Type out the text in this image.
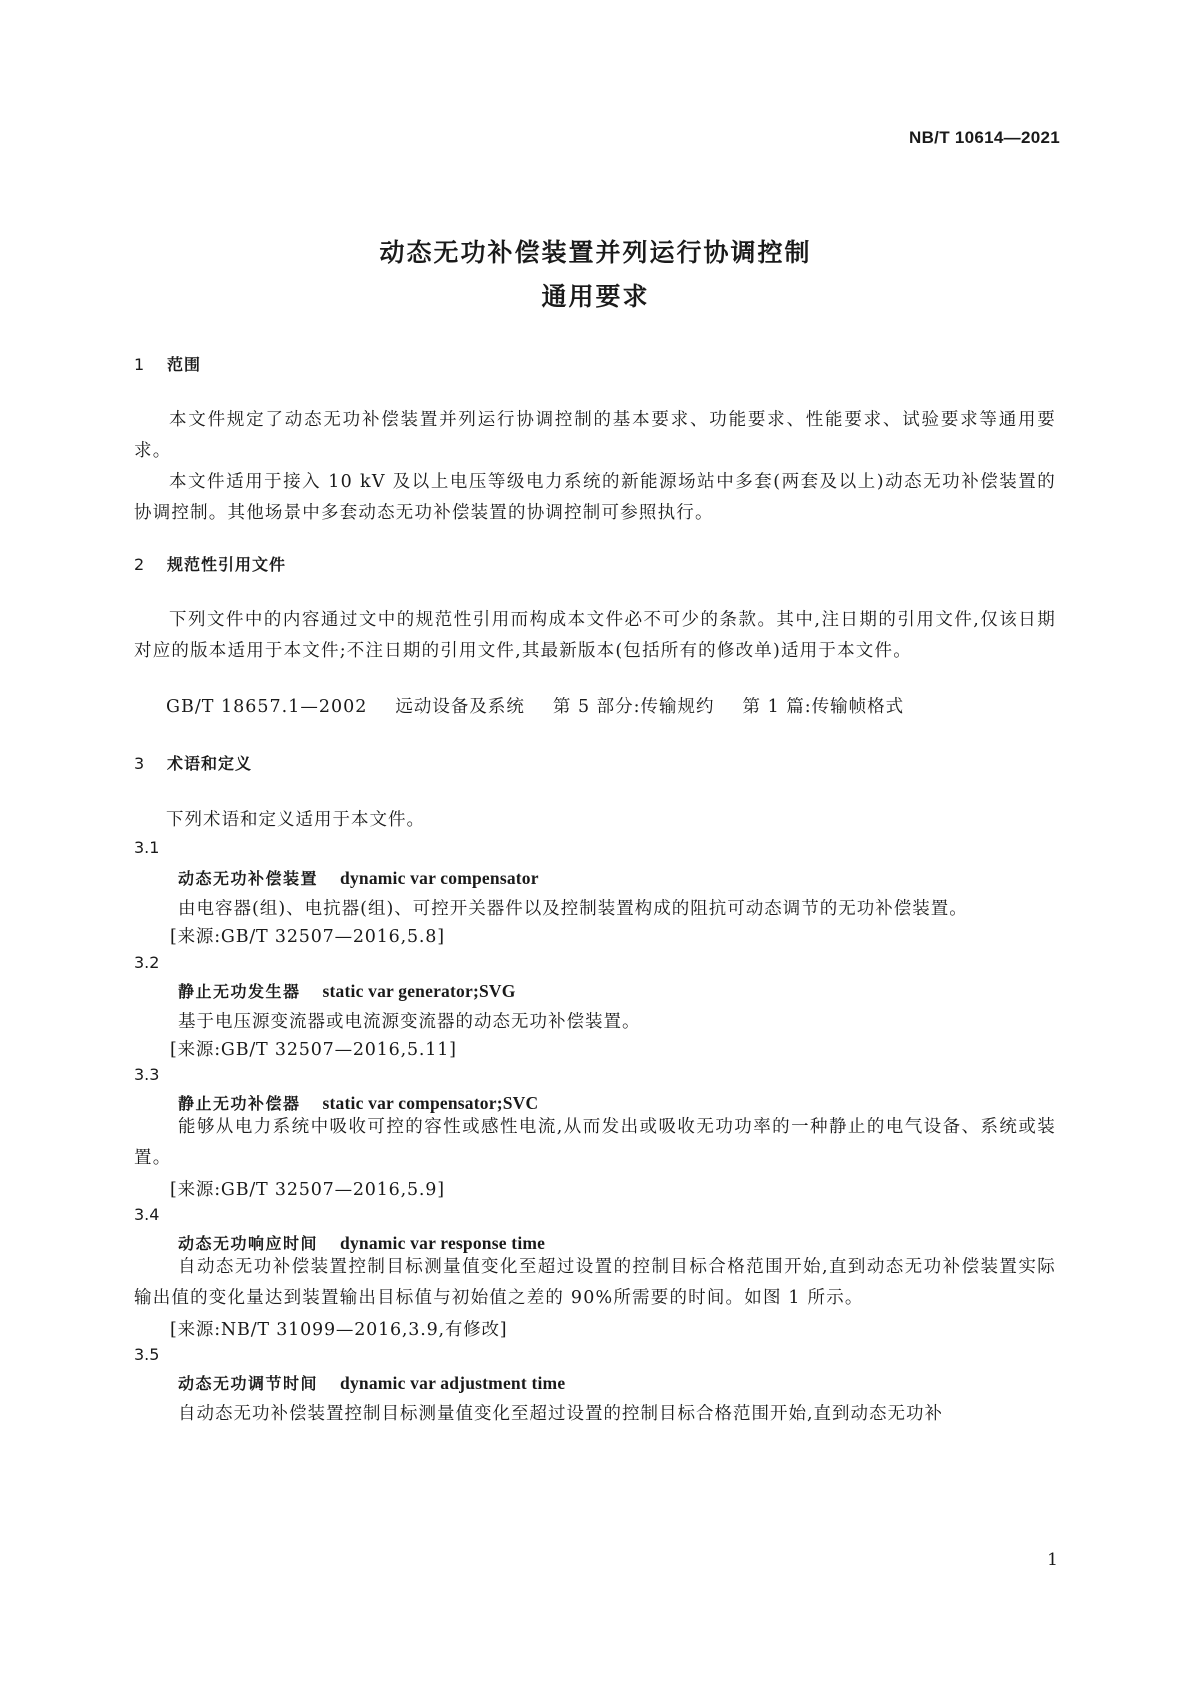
NB/T 10614—2021
动态无功补偿装置并列运行协调控制
通用要求
1 范围

本文件规定了动态无功补偿装置并列运行协调控制的基本要求、功能要求、性能要求、试验要求等通用要求。

本文件适用于接入 10 kV 及以上电压等级电力系统的新能源场站中多套(两套及以上)动态无功补偿装置的协调控制。其他场景中多套动态无功补偿装置的协调控制可参照执行。

2 规范性引用文件

下列文件中的内容通过文中的规范性引用而构成本文件必不可少的条款。其中,注日期的引用文件,仅该日期对应的版本适用于本文件;不注日期的引用文件,其最新版本(包括所有的修改单)适用于本文件。

GB/T 18657.1—2002 远动设备及系统 第 5 部分:传输规约 第 1 篇:传输帧格式
3 术语和定义
下列术语和定义适用于本文件。
3.1
动态无功补偿装置 dynamic var compensator
由电容器(组)、电抗器(组)、可控开关器件以及控制装置构成的阻抗可动态调节的无功补偿装置。
[来源:GB/T 32507—2016,5.8]
3.2
静止无功发生器 static var generator;SVG
基于电压源变流器或电流源变流器的动态无功补偿装置。
[来源:GB/T 32507—2016,5.11]
3.3
静止无功补偿器 static var compensator;SVC

能够从电力系统中吸收可控的容性或感性电流,从而发出或吸收无功功率的一种静止的电气设备、系统或装置。

[来源:GB/T 32507—2016,5.9]
3.4
动态无功响应时间 dynamic var response time

自动态无功补偿装置控制目标测量值变化至超过设置的控制目标合格范围开始,直到动态无功补偿装置实际输出值的变化量达到装置输出目标值与初始值之差的 90%所需要的时间。如图 1 所示。

[来源:NB/T 31099—2016,3.9,有修改]
3.5
动态无功调节时间 dynamic var adjustment time
自动态无功补偿装置控制目标测量值变化至超过设置的控制目标合格范围开始,直到动态无功补
1
